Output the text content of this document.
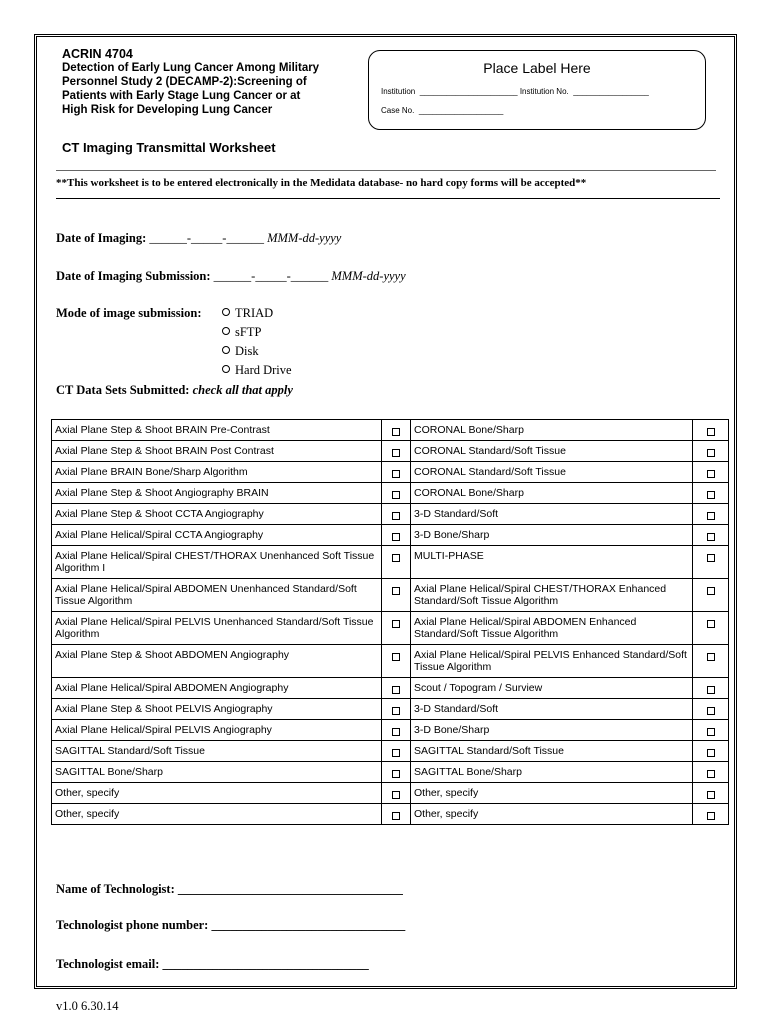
ACRIN 4704
Detection of Early Lung Cancer Among Military
Personnel Study 2 (DECAMP-2):Screening of
Patients with Early Stage Lung Cancer or at
High Risk for Developing Lung Cancer
Place Label Here
Institution  ______________________ Institution No.  _________________
Case No.  ___________________
CT Imaging Transmittal Worksheet
**This worksheet is to be entered electronically in the Medidata database- no hard copy forms will be accepted**
Date of Imaging: ______-_____-______ MMM-dd-yyyy
Date of Imaging Submission: ______-_____-______ MMM-dd-yyyy
Mode of image submission:	TRIAD
sFTP
Disk
Hard Drive
CT Data Sets Submitted: check all that apply
Axial Plane Step & Shoot BRAIN Pre-Contrast		CORONAL Bone/Sharp	
Axial Plane Step & Shoot BRAIN Post Contrast		CORONAL Standard/Soft Tissue	
Axial Plane BRAIN Bone/Sharp Algorithm		CORONAL Standard/Soft Tissue	
Axial Plane Step & Shoot Angiography BRAIN		CORONAL Bone/Sharp	
Axial Plane Step & Shoot CCTA Angiography		3-D Standard/Soft	
Axial Plane Helical/Spiral CCTA Angiography		3-D Bone/Sharp	
Axial Plane Helical/Spiral CHEST/THORAX Unenhanced Soft Tissue Algorithm I		MULTI-PHASE	
Axial Plane Helical/Spiral ABDOMEN Unenhanced Standard/Soft Tissue Algorithm		Axial Plane Helical/Spiral CHEST/THORAX Enhanced Standard/Soft Tissue Algorithm	
Axial Plane Helical/Spiral PELVIS Unenhanced Standard/Soft Tissue Algorithm		Axial Plane Helical/Spiral ABDOMEN Enhanced Standard/Soft Tissue Algorithm	
Axial Plane Step & Shoot ABDOMEN Angiography		Axial Plane Helical/Spiral PELVIS Enhanced Standard/Soft Tissue Algorithm	
Axial Plane Helical/Spiral ABDOMEN Angiography		Scout / Topogram / Surview	
Axial Plane Step & Shoot PELVIS Angiography		3-D Standard/Soft	
Axial Plane Helical/Spiral PELVIS Angiography		3-D Bone/Sharp	
SAGITTAL Standard/Soft Tissue		SAGITTAL Standard/Soft Tissue	
SAGITTAL Bone/Sharp		SAGITTAL Bone/Sharp	
Other, specify		Other, specify	
Other, specify		Other, specify	
Name of Technologist: ____________________________________
Technologist phone number: _______________________________
Technologist email: _________________________________
v1.0 6.30.14
